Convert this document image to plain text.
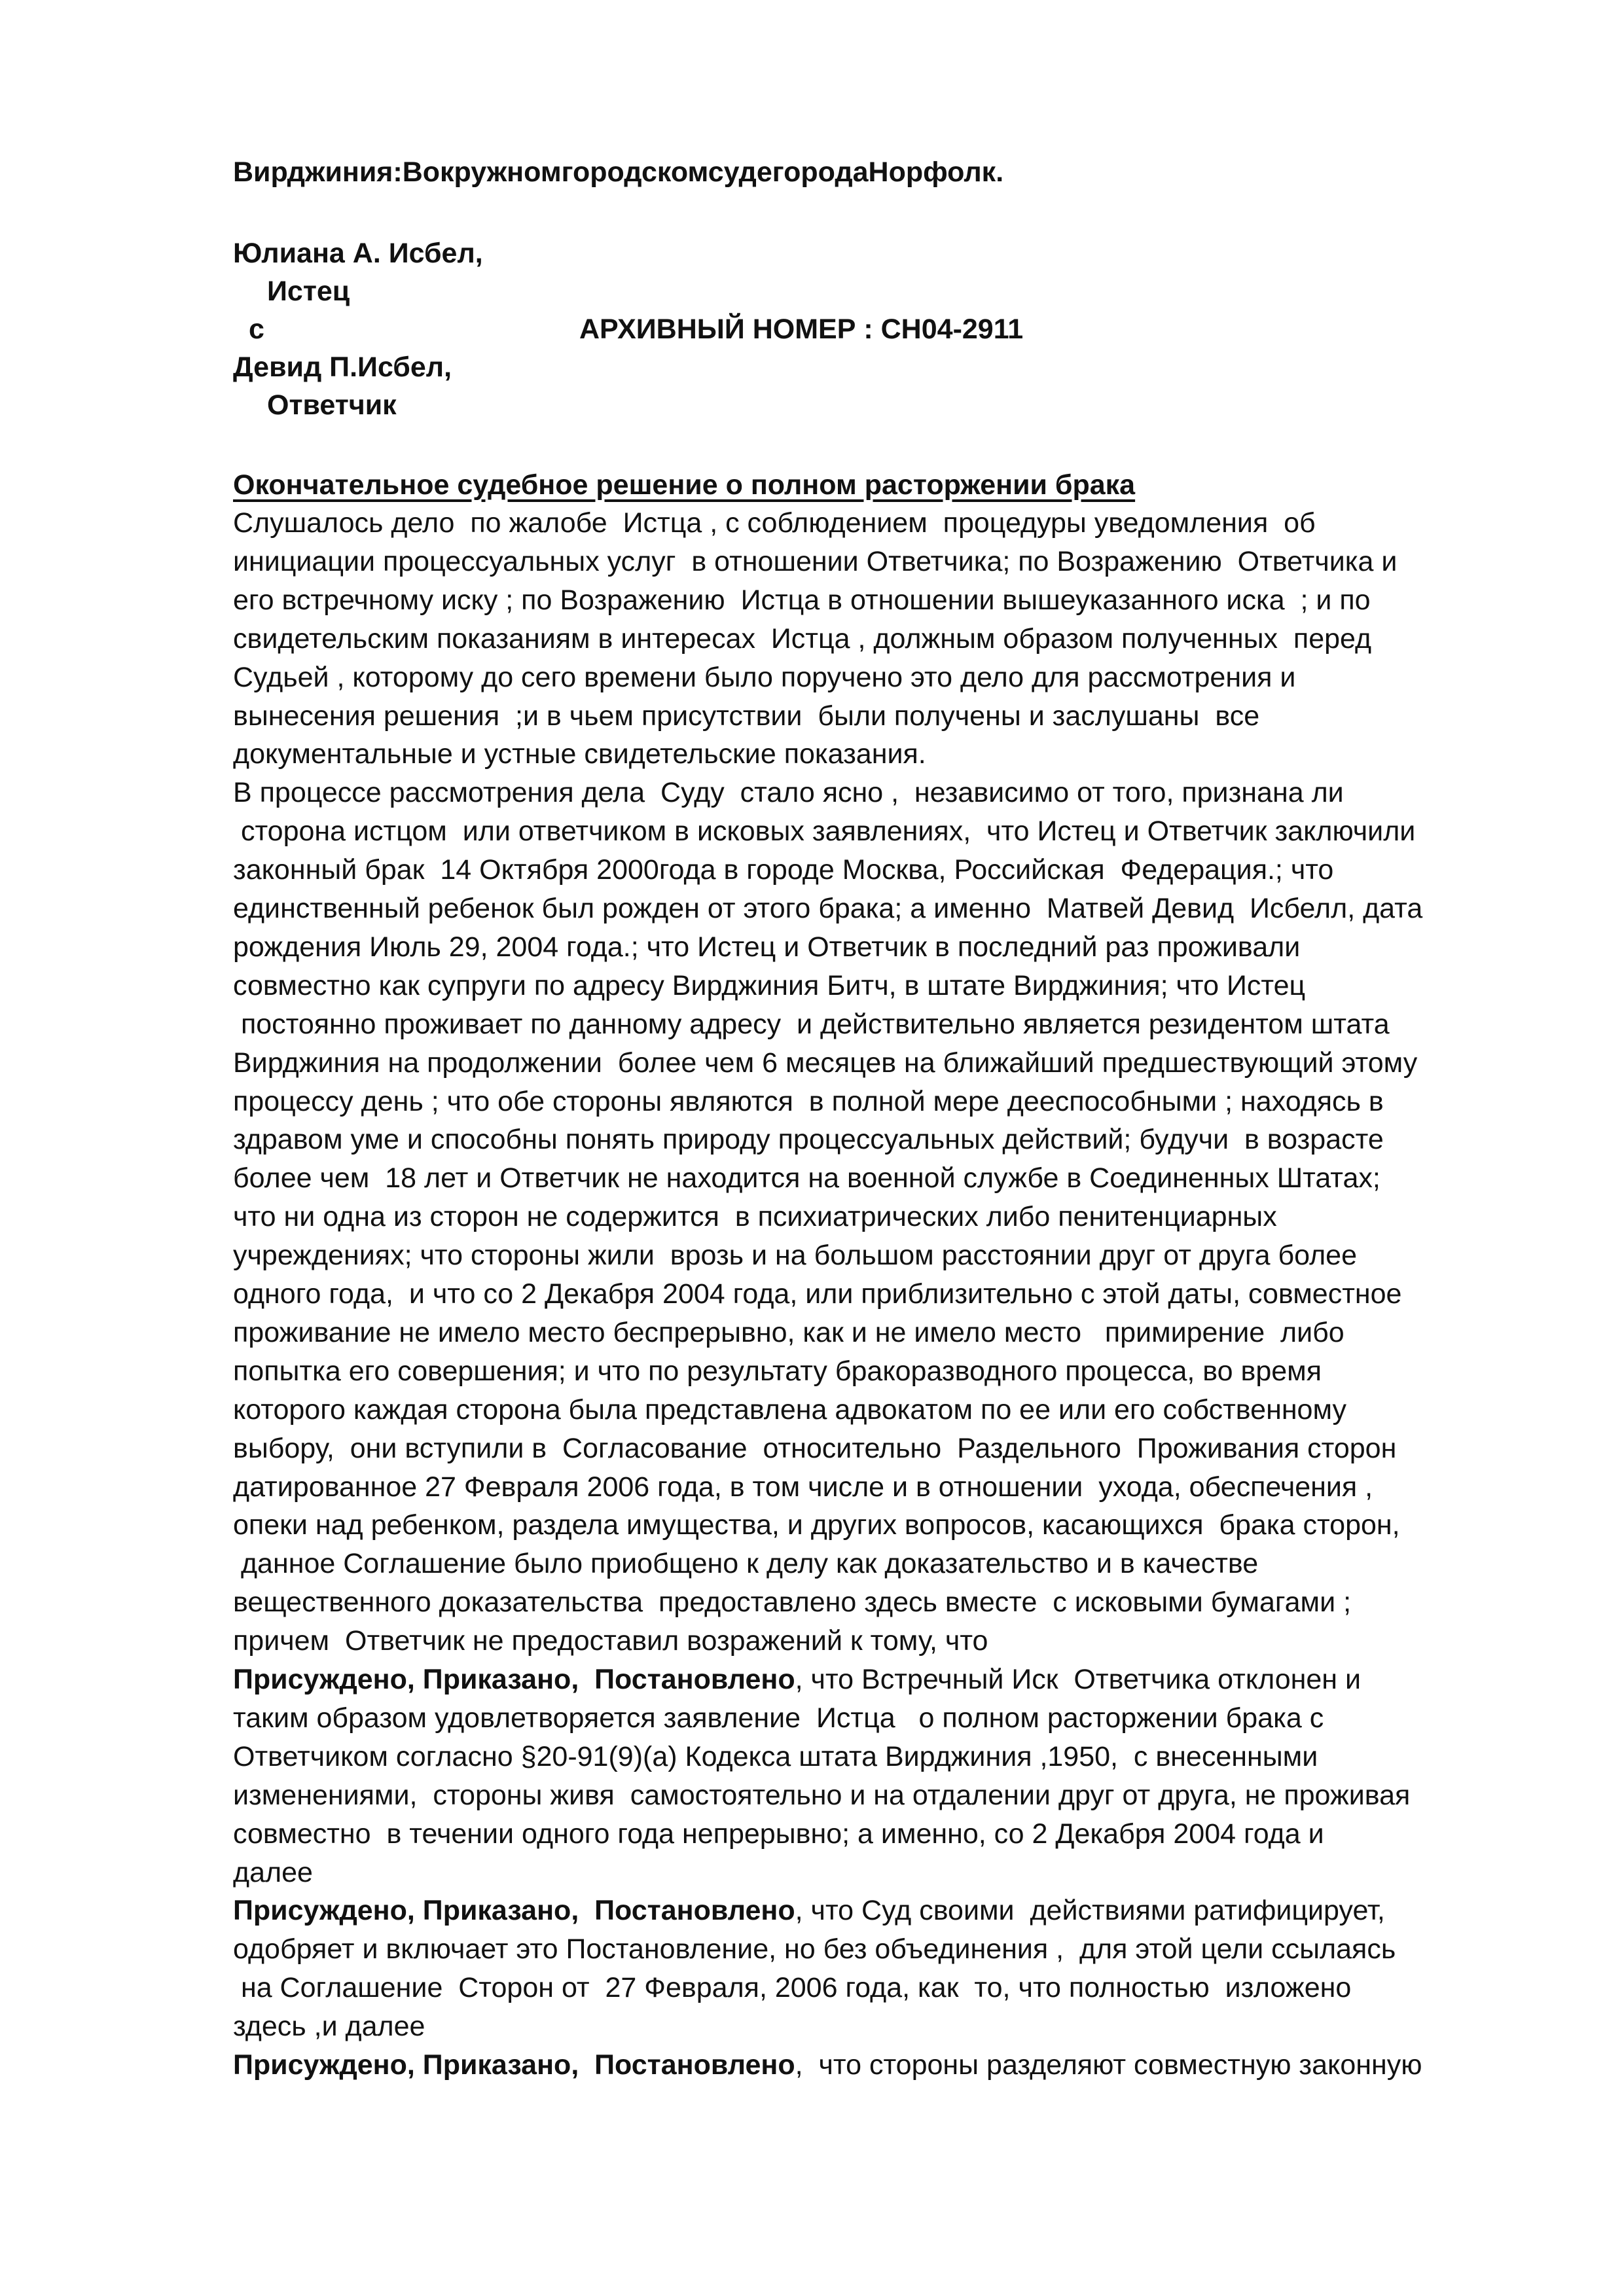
Вирджиния:ВокружномгородскомсудегородаНорфолк.

Юлиана А. Исбел,

Истец

с	АРХИВНЫЙ НОМЕР : CH04-2911

Девид П.Исбел,

Ответчик

Окончательное судебное решение о полном расторжении брака

Слушалось дело  по жалобе  Истца , с соблюдением  процедуры уведомления  об

инициации процессуальных услуг  в отношении Ответчика; по Возражению  Ответчика и

его встречному иску ; по Возражению  Истца в отношении вышеуказанного иска  ; и по

свидетельским показаниям в интересах  Истца , должным образом полученных  перед

Судьей , которому до сего времени было поручено это дело для рассмотрения и

вынесения решения  ;и в чьем присутствии  были получены и заслушаны  все

документальные и устные свидетельские показания.

В процессе рассмотрения дела  Суду  стало ясно ,  независимо от того, признана ли

сторона истцом  или ответчиком в исковых заявлениях,  что Истец и Ответчик заключили

законный брак  14 Октября 2000года в городе Москва, Российская  Федерация.; что

единственный ребенок был рожден от этого брака; а именно  Матвей Девид  Исбелл, дата

рождения Июль 29, 2004 года.; что Истец и Ответчик в последний раз проживали

совместно как супруги по адресу Вирджиния Битч, в штате Вирджиния; что Истец

постоянно проживает по данному адресу  и действительно является резидентом штата

Вирджиния на продолжении  более чем 6 месяцев на ближайший предшествующий этому

процессу день ; что обе стороны являются  в полной мере дееспособными ; находясь в

здравом уме и способны понять природу процессуальных действий; будучи  в возрасте

более чем  18 лет и Ответчик не находится на военной службе в Соединенных Штатах;

что ни одна из сторон не содержится  в психиатрических либо пенитенциарных

учреждениях; что стороны жили  врозь и на большом расстоянии друг от друга более

одного года,  и что со 2 Декабря 2004 года, или приблизительно с этой даты, совместное

проживание не имело место беспрерывно, как и не имело место   примирение  либо

попытка его совершения; и что по результату бракоразводного процесса, во время

которого каждая сторона была представлена адвокатом по ее или его собственному

выбору,  они вступили в  Согласование  относительно  Раздельного  Проживания сторон

датированное 27 Февраля 2006 года, в том числе и в отношении  ухода, обеспечения ,

опеки над ребенком, раздела имущества, и других вопросов, касающихся  брака сторон,

данное Соглашение было приобщено к делу как доказательство и в качестве

вещественного доказательства  предоставлено здесь вместе  с исковыми бумагами ;

причем  Ответчик не предоставил возражений к тому, что

Присуждено, Приказано,  Постановлено, что Встречный Иск  Ответчика отклонен и

таким образом удовлетворяется заявление  Истца   о полном расторжении брака с

Ответчиком согласно §20-91(9)(а) Кодекса штата Вирджиния ,1950,  с внесенными

изменениями,  стороны живя  самостоятельно и на отдалении друг от друга, не проживая

совместно  в течении одного года непрерывно; а именно, со 2 Декабря 2004 года и

далее

Присуждено, Приказано,  Постановлено, что Суд своими  действиями ратифицирует,

одобряет и включает это Постановление, но без объединения ,  для этой цели ссылаясь

на Соглашение  Сторон от  27 Февраля, 2006 года, как  то, что полностью  изложено

здесь ,и далее

Присуждено, Приказано,  Постановлено,  что стороны разделяют совместную законную
